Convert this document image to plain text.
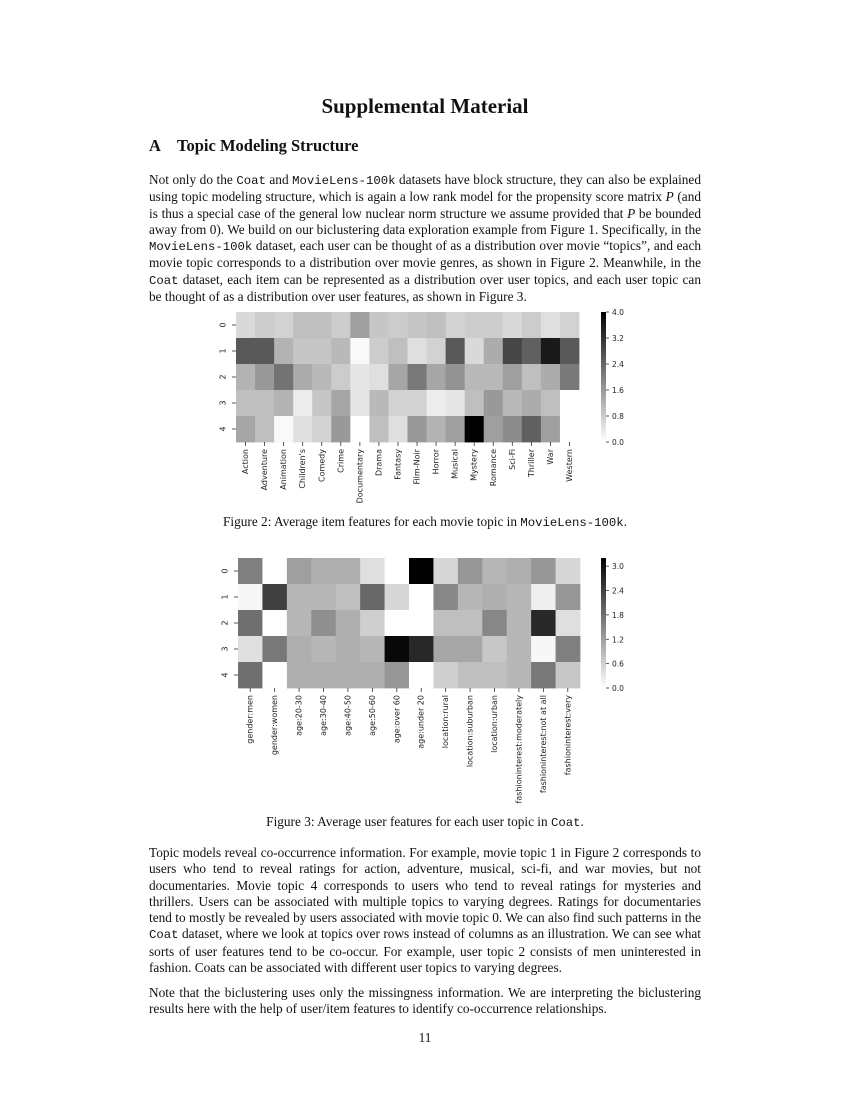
Supplemental Material
A Topic Modeling Structure

Not only do the Coat and MovieLens-100k datasets have block structure, they can also be explained using topic modeling structure, which is again a low rank model for the propensity score matrix P (and is thus a special case of the general low nuclear norm structure we assume provided that P be bounded away from 0). We build on our biclustering data exploration example from Figure 1. Specifically, in the MovieLens-100k dataset, each user can be thought of as a distribution over movie “topics”, and each movie topic corresponds to a distribution over movie genres, as shown in Figure 2. Meanwhile, in the Coat dataset, each item can be represented as a distribution over user topics, and each user topic can be thought of as a distribution over user features, as shown in Figure 3.

0
1
2
3
4
Action Adventure Animation Children's Comedy Crime Documentary Drama Fantasy Film-Noir Horror Musical Mystery Romance Sci-Fi Thriller War Western
0.0
0.8
1.6
2.4
3.2
4.0

Figure 2: Average item features for each movie topic in MovieLens-100k.

0
1
2
3
4
gender:men gender:women age:20-30 age:30-40 age:40-50 age:50-60 age:over 60 age:under 20 location:rural location:suburban location:urban fashioninterest:moderately fashioninterest:not at all fashioninterest:very
0.0
0.6
1.2
1.8
2.4
3.0

Figure 3: Average user features for each user topic in Coat.

Topic models reveal co-occurrence information. For example, movie topic 1 in Figure 2 corresponds to users who tend to reveal ratings for action, adventure, musical, sci-fi, and war movies, but not documentaries. Movie topic 4 corresponds to users who tend to reveal ratings for mysteries and thrillers. Users can be associated with multiple topics to varying degrees. Ratings for documentaries tend to mostly be revealed by users associated with movie topic 0. We can also find such patterns in the Coat dataset, where we look at topics over rows instead of columns as an illustration. We can see what sorts of user features tend to be co-occur. For example, user topic 2 consists of men uninterested in fashion. Coats can be associated with different user topics to varying degrees.

Note that the biclustering uses only the missingness information. We are interpreting the biclustering results here with the help of user/item features to identify co-occurrence relationships.

11
